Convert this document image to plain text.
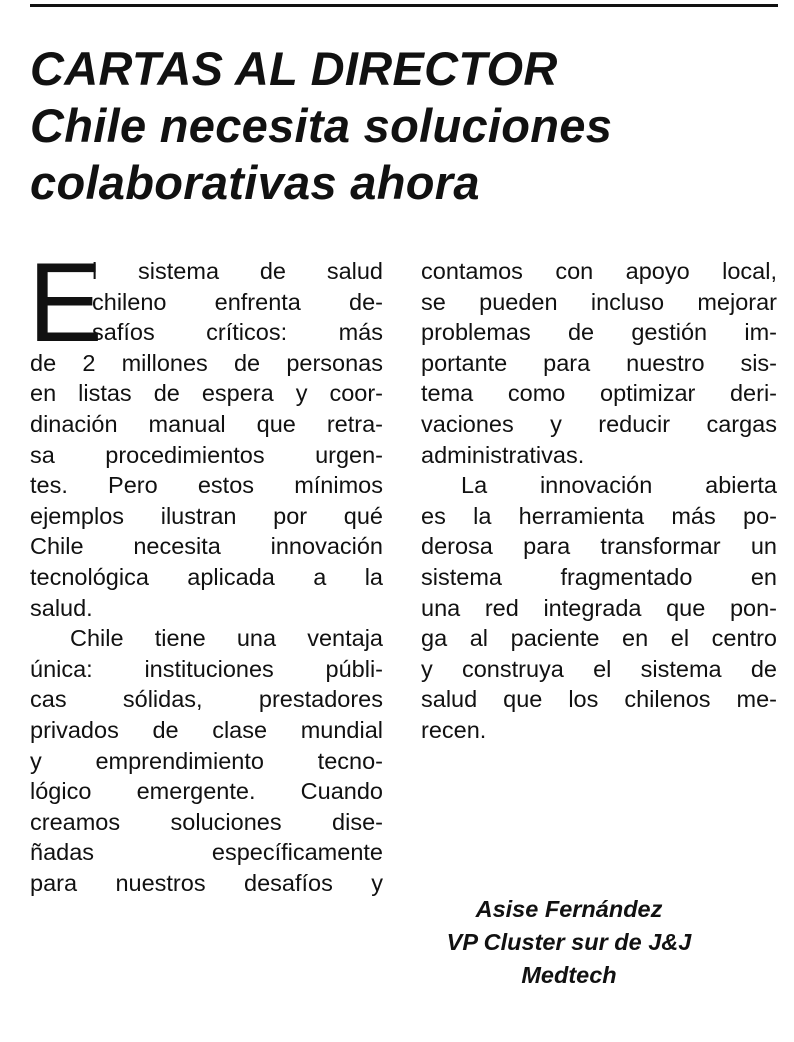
CARTAS AL DIRECTOR
Chile necesita soluciones
colaborativas ahora
E
l sistema de salud
chileno enfrenta de-
safíos críticos: más
de 2 millones de personas
en listas de espera y coor-
dinación manual que retra-
sa procedimientos urgen-
tes. Pero estos mínimos
ejemplos ilustran por qué
Chile necesita innovación
tecnológica aplicada a la
salud.
Chile tiene una ventaja
única: instituciones públi-
cas sólidas, prestadores
privados de clase mundial
y emprendimiento tecno-
lógico emergente. Cuando
creamos soluciones dise-
ñadas específicamente
para nuestros desafíos y
contamos con apoyo local,
se pueden incluso mejorar
problemas de gestión im-
portante para nuestro sis-
tema como optimizar deri-
vaciones y reducir cargas
administrativas.
La innovación abierta
es la herramienta más po-
derosa para transformar un
sistema fragmentado en
una red integrada que pon-
ga al paciente en el centro
y construya el sistema de
salud que los chilenos me-
recen.
Asise Fernández
VP Cluster sur de J&J
Medtech
